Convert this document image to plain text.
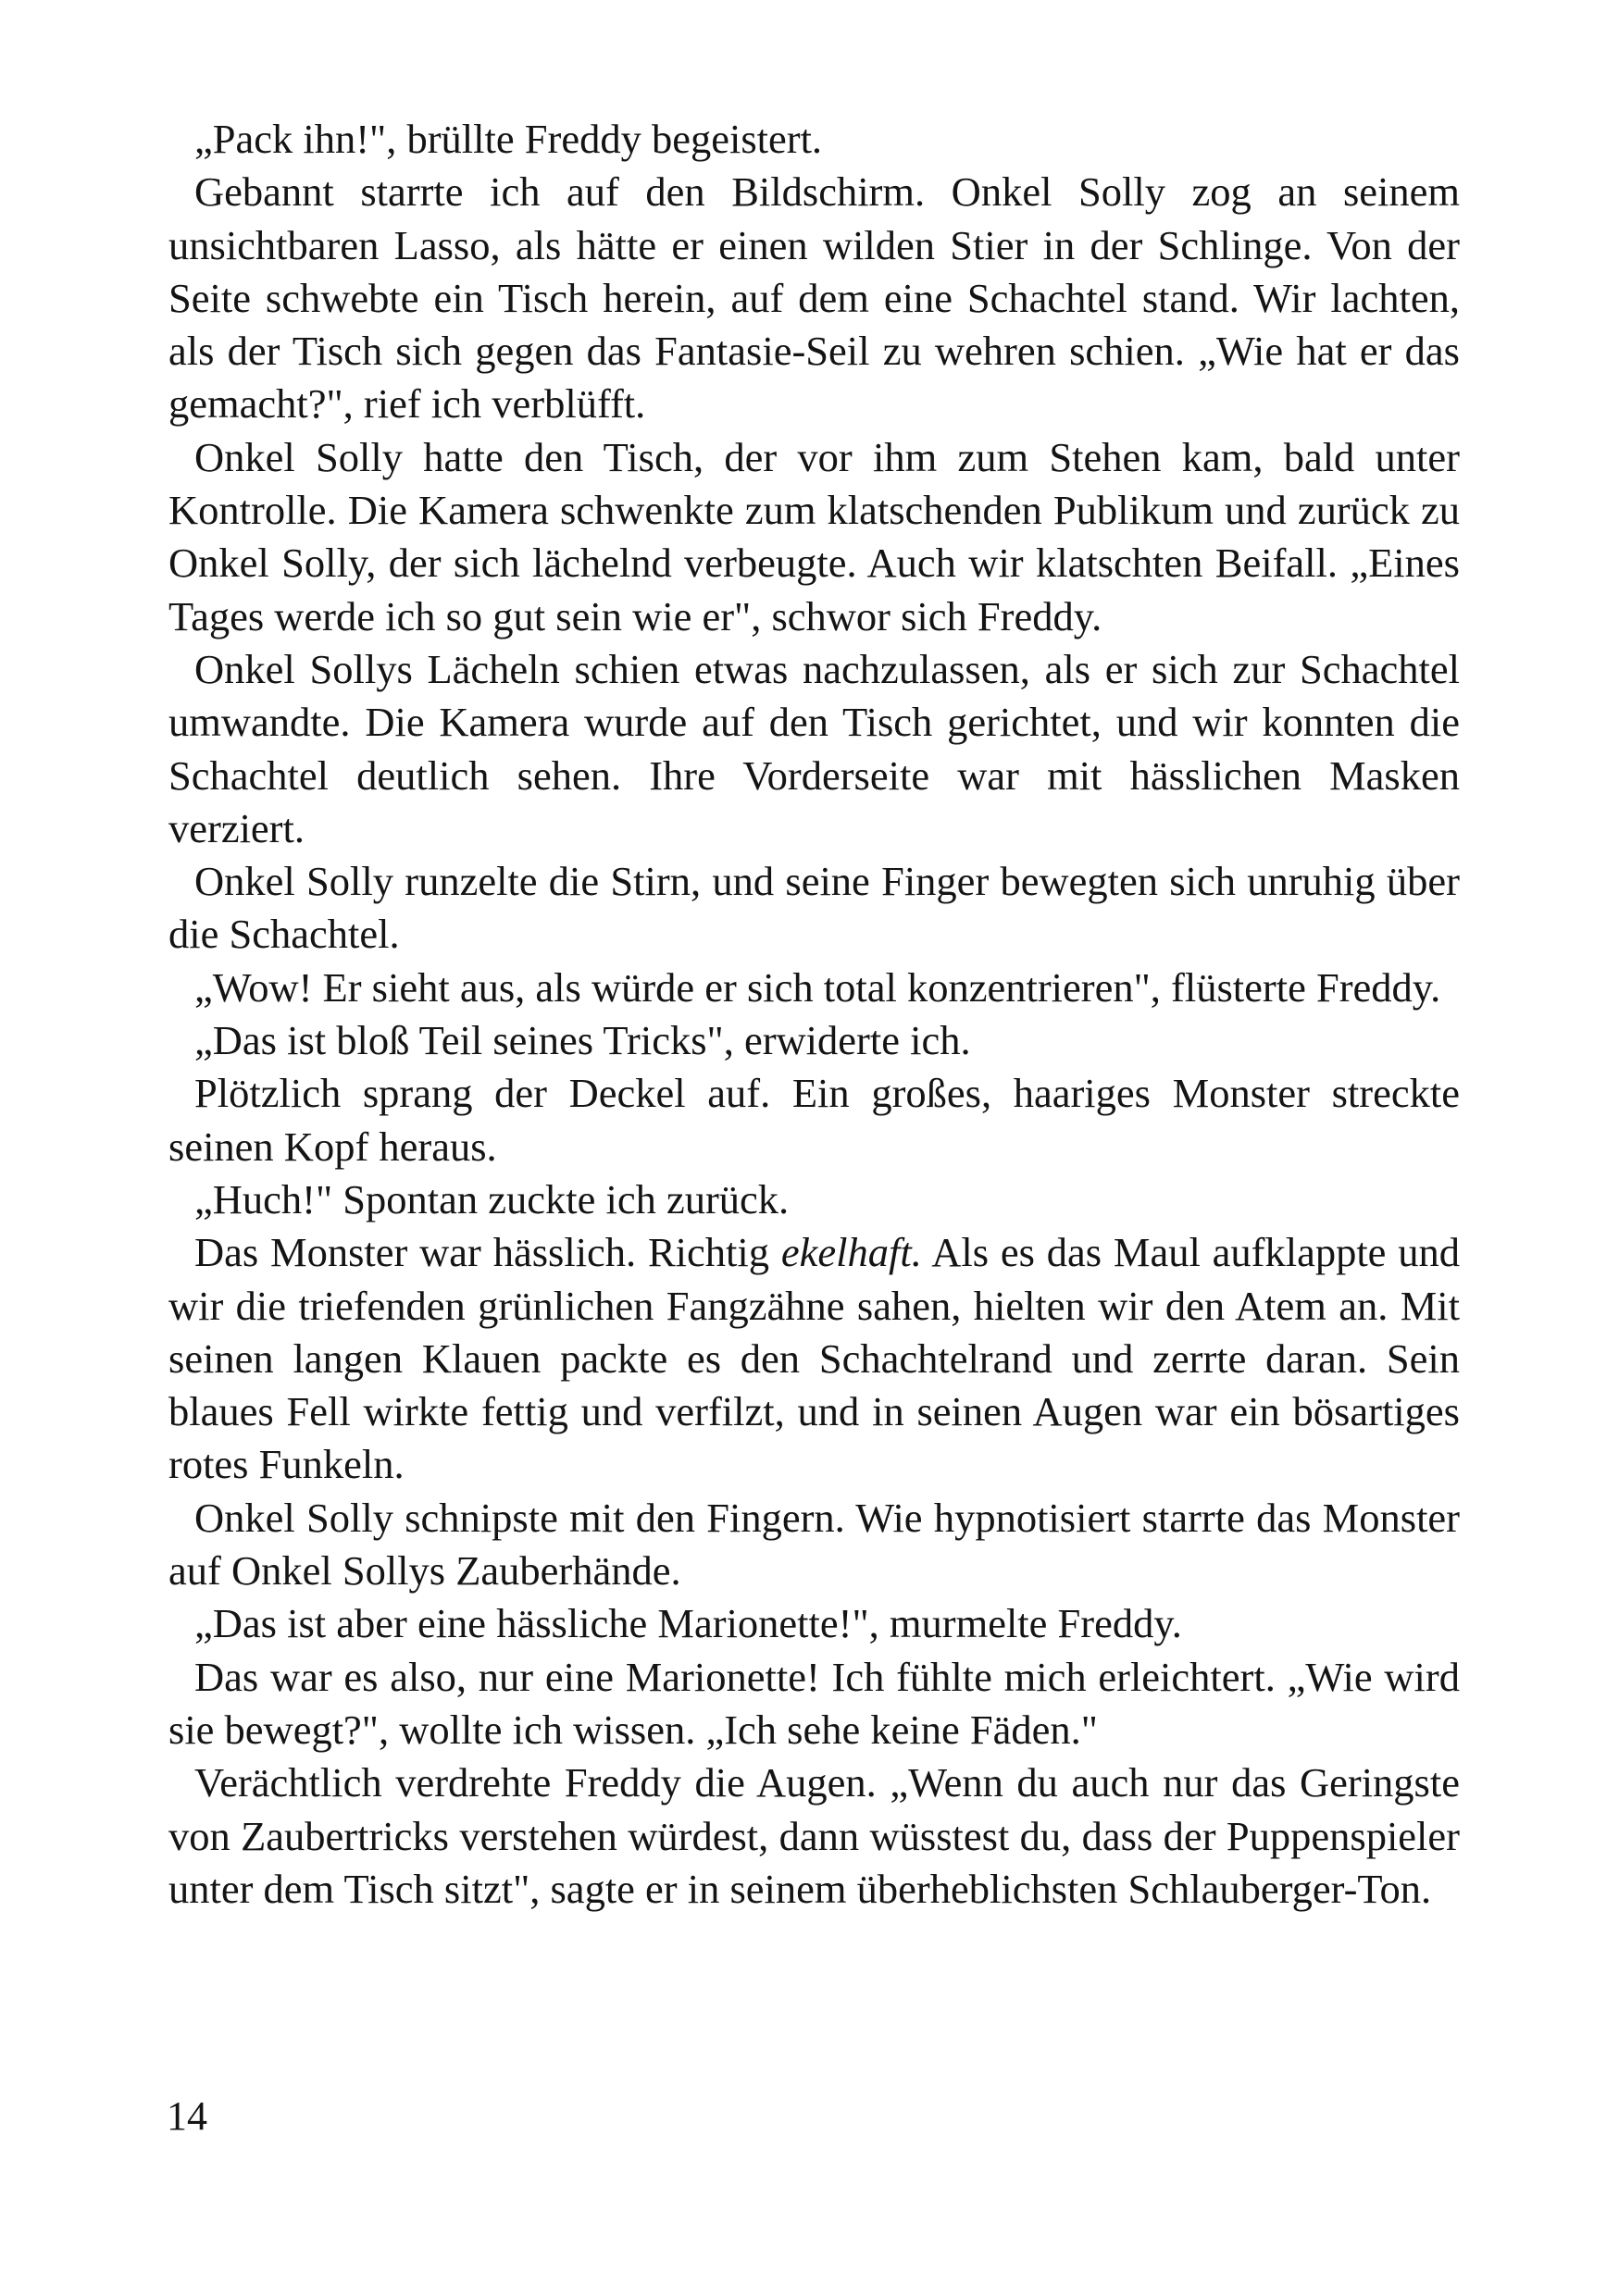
„Pack ihn!", brüllte Freddy begeistert.

Gebannt starrte ich auf den Bildschirm. Onkel Solly zog an seinem unsichtbaren Lasso, als hätte er einen wilden Stier in der Schlinge. Von der Seite schwebte ein Tisch herein, auf dem eine Schachtel stand. Wir lachten, als der Tisch sich gegen das Fantasie-Seil zu wehren schien. „Wie hat er das gemacht?", rief ich verblüfft.

Onkel Solly hatte den Tisch, der vor ihm zum Stehen kam, bald unter Kontrolle. Die Kamera schwenkte zum klatschenden Publikum und zurück zu Onkel Solly, der sich lächelnd verbeugte. Auch wir klatschten Beifall. „Eines Tages werde ich so gut sein wie er", schwor sich Freddy.

Onkel Sollys Lächeln schien etwas nachzulassen, als er sich zur Schachtel umwandte. Die Kamera wurde auf den Tisch gerichtet, und wir konnten die Schachtel deutlich sehen. Ihre Vorderseite war mit hässlichen Masken verziert.

Onkel Solly runzelte die Stirn, und seine Finger bewegten sich unruhig über die Schachtel.

„Wow! Er sieht aus, als würde er sich total konzentrieren", flüsterte Freddy.

„Das ist bloß Teil seines Tricks", erwiderte ich.

Plötzlich sprang der Deckel auf. Ein großes, haariges Monster streckte seinen Kopf heraus.

„Huch!" Spontan zuckte ich zurück.

Das Monster war hässlich. Richtig ekelhaft. Als es das Maul aufklappte und wir die triefenden grünlichen Fangzähne sahen, hielten wir den Atem an. Mit seinen langen Klauen packte es den Schachtelrand und zerrte daran. Sein blaues Fell wirkte fettig und verfilzt, und in seinen Augen war ein bösartiges rotes Funkeln.

Onkel Solly schnipste mit den Fingern. Wie hypnotisiert starrte das Monster auf Onkel Sollys Zauberhände.

„Das ist aber eine hässliche Marionette!", murmelte Freddy.

Das war es also, nur eine Marionette! Ich fühlte mich erleichtert. „Wie wird sie bewegt?", wollte ich wissen. „Ich sehe keine Fäden."

Verächtlich verdrehte Freddy die Augen. „Wenn du auch nur das Geringste von Zaubertricks verstehen würdest, dann wüsstest du, dass der Puppenspieler unter dem Tisch sitzt", sagte er in seinem überheblichsten Schlauberger-Ton.

14
